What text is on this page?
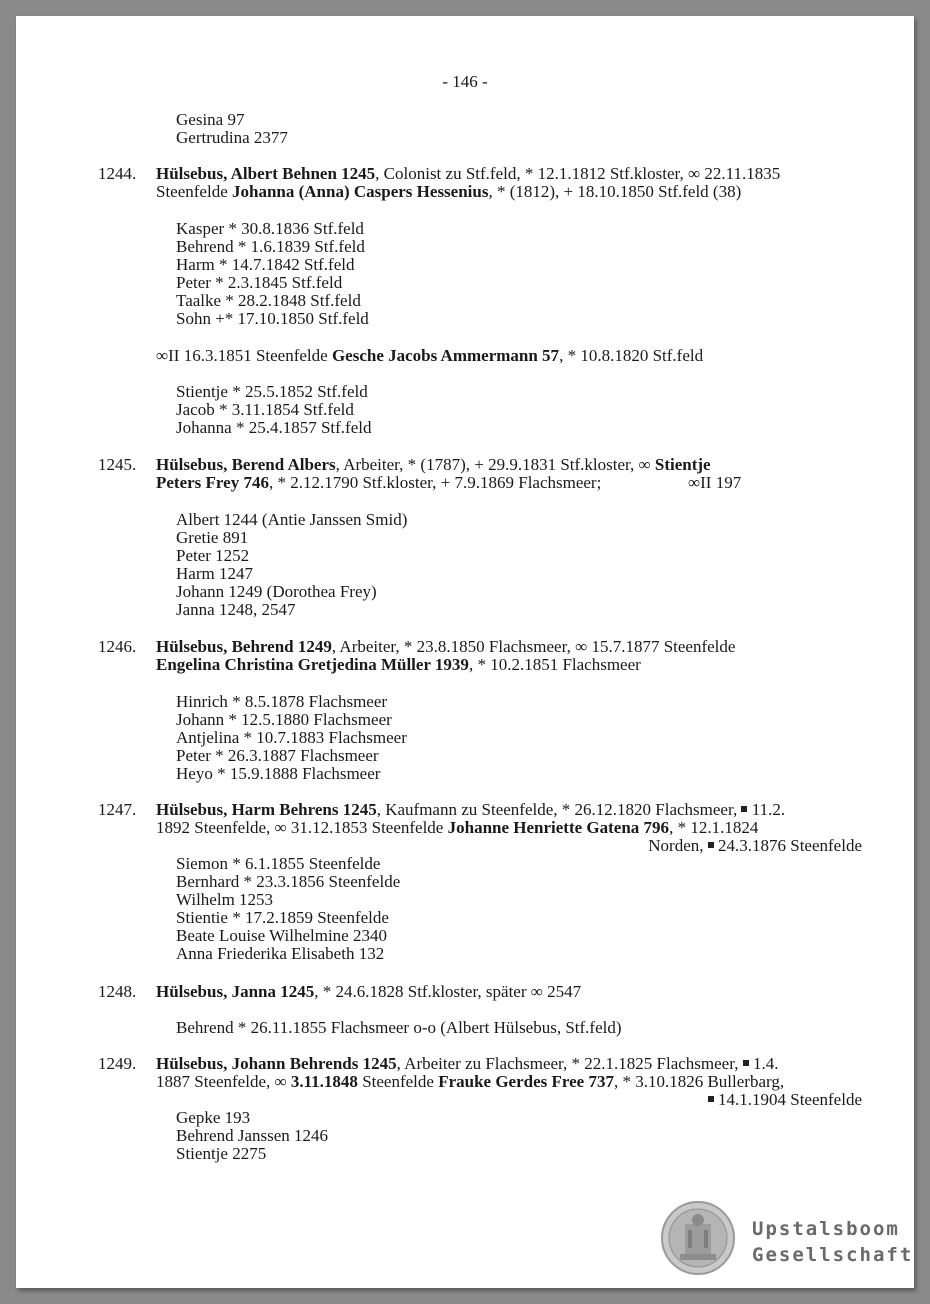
- 146 -
Gesina 97
Gertrudina 2377
1244. Hülsebus, Albert Behnen 1245, Colonist zu Stf.feld, * 12.1.1812 Stf.kloster, ∞ 22.11.1835
Steenfelde Johanna (Anna) Caspers Hessenius, * (1812), + 18.10.1850 Stf.feld (38)
Kasper * 30.8.1836 Stf.feld
Behrend * 1.6.1839 Stf.feld
Harm * 14.7.1842 Stf.feld
Peter * 2.3.1845 Stf.feld
Taalke * 28.2.1848 Stf.feld
Sohn +* 17.10.1850 Stf.feld
∞II 16.3.1851 Steenfelde Gesche Jacobs Ammermann 57, * 10.8.1820 Stf.feld
Stientje * 25.5.1852 Stf.feld
Jacob * 3.11.1854 Stf.feld
Johanna * 25.4.1857 Stf.feld
1245. Hülsebus, Berend Albers, Arbeiter, * (1787), + 29.9.1831 Stf.kloster, ∞ Stientje
Peters Frey 746, * 2.12.1790 Stf.kloster, + 7.9.1869 Flachsmeer;	∞II 197
Albert 1244 (Antie Janssen Smid)
Gretie 891
Peter 1252
Harm 1247
Johann 1249 (Dorothea Frey)
Janna 1248, 2547
1246. Hülsebus, Behrend 1249, Arbeiter, * 23.8.1850 Flachsmeer, ∞ 15.7.1877 Steenfelde
Engelina Christina Gretjedina Müller 1939, * 10.2.1851 Flachsmeer
Hinrich * 8.5.1878 Flachsmeer
Johann * 12.5.1880 Flachsmeer
Antjelina * 10.7.1883 Flachsmeer
Peter * 26.3.1887 Flachsmeer
Heyo * 15.9.1888 Flachsmeer
1247. Hülsebus, Harm Behrens 1245, Kaufmann zu Steenfelde, * 26.12.1820 Flachsmeer,  11.2.
1892 Steenfelde, ∞ 31.12.1853 Steenfelde Johanne Henriette Gatena 796, * 12.1.1824
Norden,  24.3.1876 Steenfelde
Siemon * 6.1.1855 Steenfelde
Bernhard * 23.3.1856 Steenfelde
Wilhelm 1253
Stientie * 17.2.1859 Steenfelde
Beate Louise Wilhelmine 2340
Anna Friederika Elisabeth 132
1248. Hülsebus, Janna 1245, * 24.6.1828 Stf.kloster, später ∞ 2547
Behrend * 26.11.1855 Flachsmeer o-o (Albert Hülsebus, Stf.feld)
1249. Hülsebus, Johann Behrends 1245, Arbeiter zu Flachsmeer, * 22.1.1825 Flachsmeer,  1.4.
1887 Steenfelde, ∞ 3.11.1848 Steenfelde Frauke Gerdes Free 737, * 3.10.1826 Bullerbarg,
14.1.1904 Steenfelde
Gepke 193
Behrend Janssen 1246
Stientje 2275
Upstalsboom
Gesellschaft
